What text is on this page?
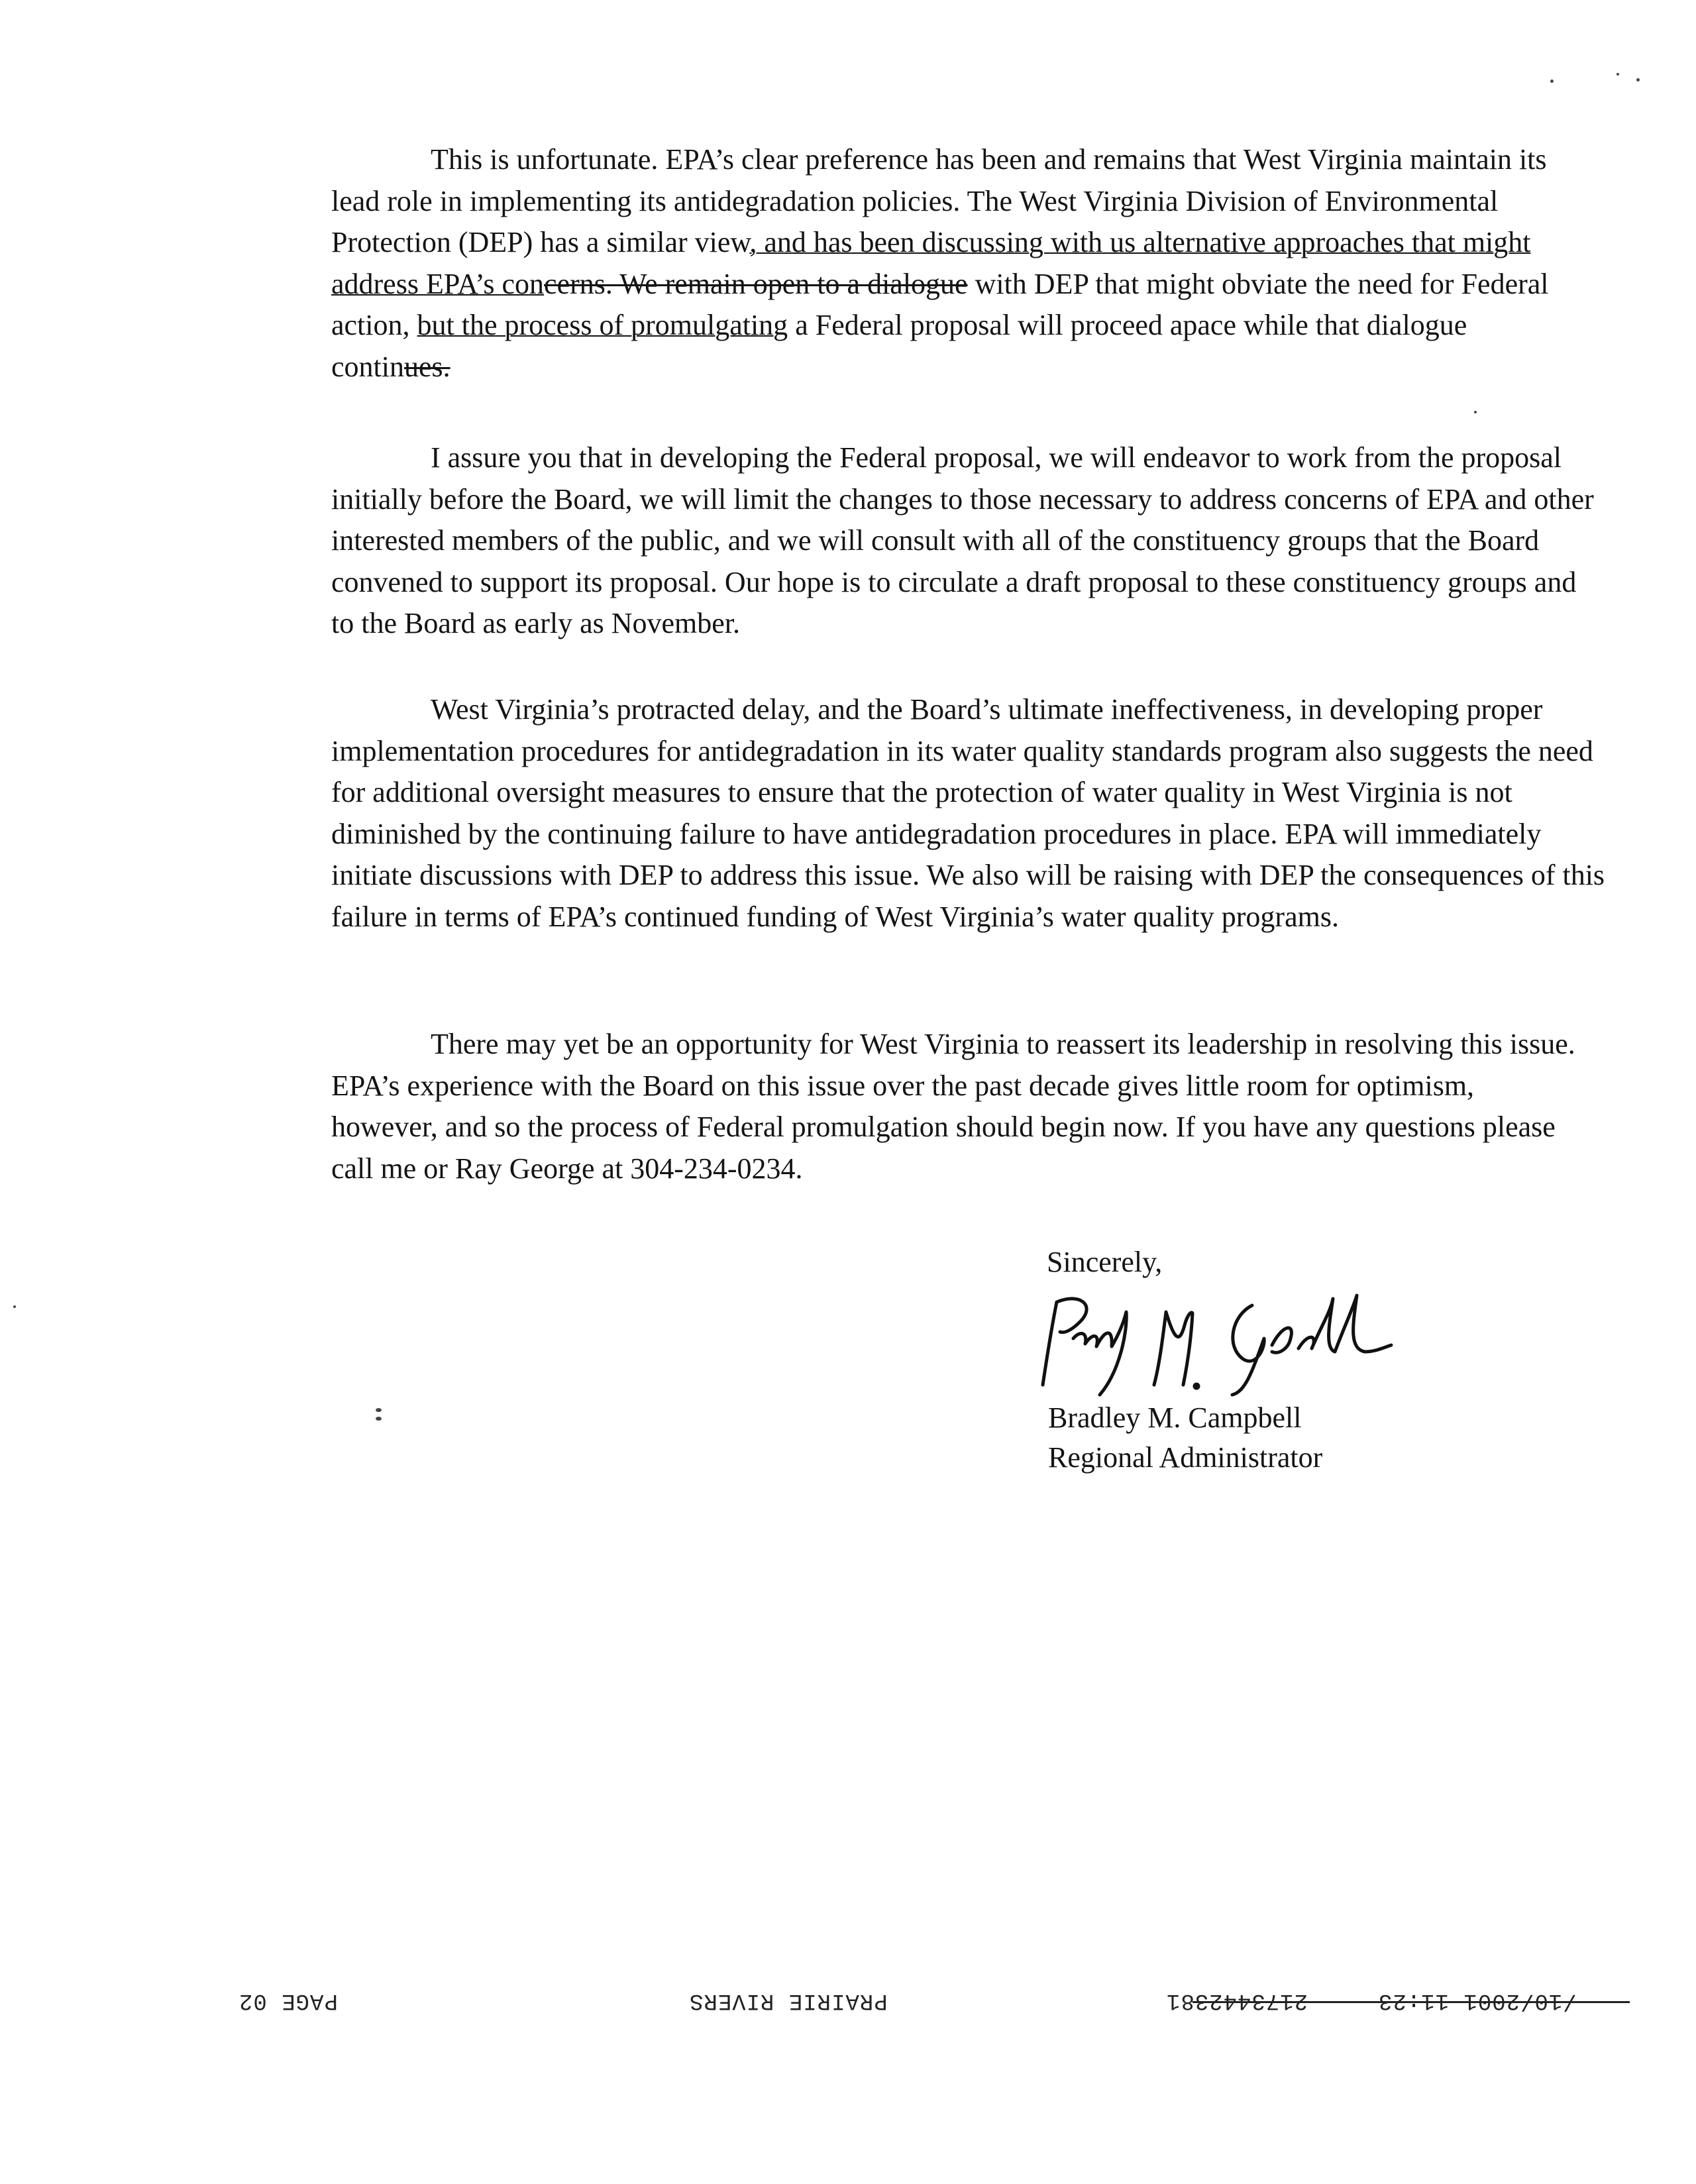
This is unfortunate. EPA’s clear preference has been and remains that West Virginia maintain its lead role in implementing its antidegradation policies. The West Virginia Division of Environmental Protection (DEP) has a similar view, and has been discussing with us alternative approaches that might address EPA’s concerns. We remain open to a dialogue with DEP that might obviate the need for Federal action, but the process of promulgating a Federal proposal will proceed apace while that dialogue continues.
I assure you that in developing the Federal proposal, we will endeavor to work from the proposal initially before the Board, we will limit the changes to those necessary to address concerns of EPA and other interested members of the public, and we will consult with all of the constituency groups that the Board convened to support its proposal. Our hope is to circulate a draft proposal to these constituency groups and to the Board as early as November.
West Virginia’s protracted delay, and the Board’s ultimate ineffectiveness, in developing proper implementation procedures for antidegradation in its water quality standards program also suggests the need for additional oversight measures to ensure that the protection of water quality in West Virginia is not diminished by the continuing failure to have antidegradation procedures in place. EPA will immediately initiate discussions with DEP to address this issue. We also will be raising with DEP the consequences of this failure in terms of EPA’s continued funding of West Virginia’s water quality programs.
There may yet be an opportunity for West Virginia to reassert its leadership in resolving this issue. EPA’s experience with the Board on this issue over the past decade gives little room for optimism, however, and so the process of Federal promulgation should begin now. If you have any questions please call me or Ray George at 304-234-0234.
Sincerely,
Bradley M. Campbell
Regional Administrator
PAGE 02	PRAIRIE RIVERS	2173442381	/10/2001 11:23
